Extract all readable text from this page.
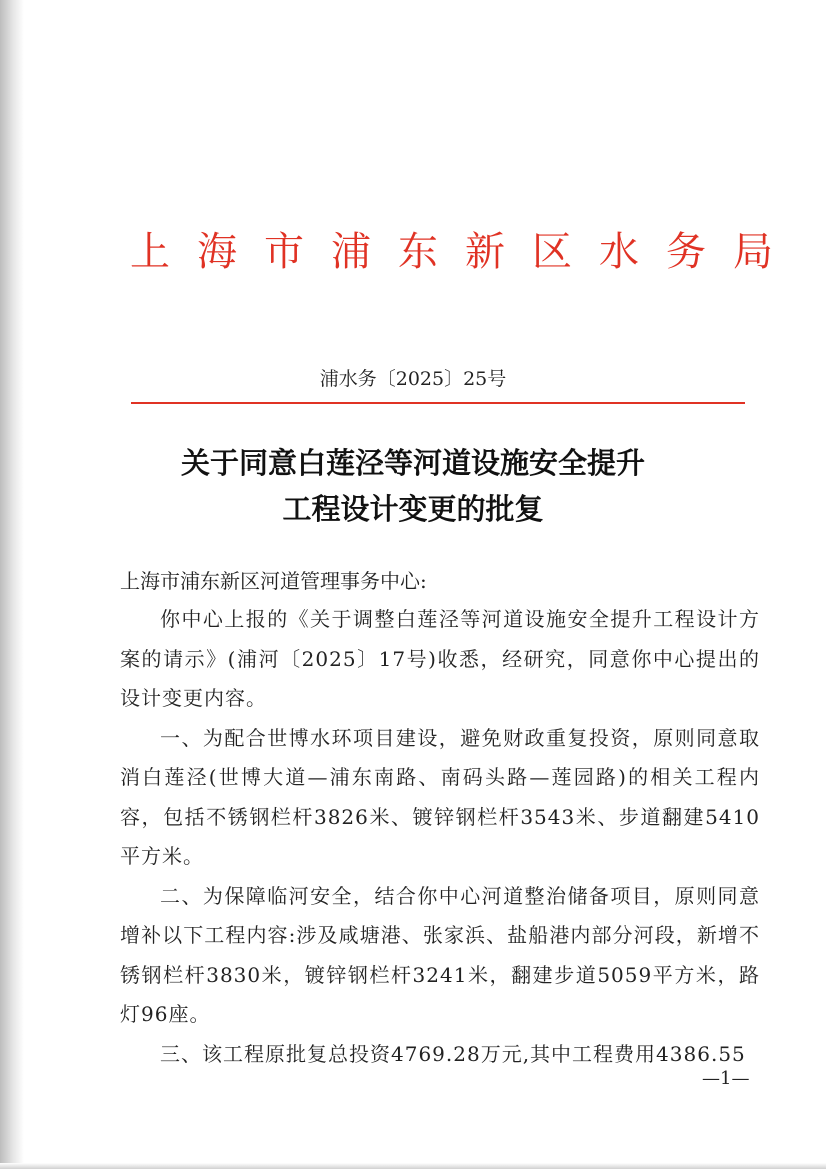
上海市浦东新区水务局
浦水务〔2025〕25号
关于同意白莲泾等河道设施安全提升
工程设计变更的批复
上海市浦东新区河道管理事务中心:

你中心上报的《关于调整白莲泾等河道设施安全提升工程设计方案的请示》(浦河〔2025〕17号)收悉，经研究，同意你中心提出的设计变更内容。

一、为配合世博水环项目建设，避免财政重复投资，原则同意取消白莲泾(世博大道—浦东南路、南码头路—莲园路)的相关工程内容，包括不锈钢栏杆3826米、镀锌钢栏杆3543米、步道翻建5410平方米。

二、为保障临河安全，结合你中心河道整治储备项目，原则同意增补以下工程内容:涉及咸塘港、张家浜、盐船港内部分河段，新增不锈钢栏杆3830米，镀锌钢栏杆3241米，翻建步道5059平方米，路灯96座。

三、该工程原批复总投资4769.28万元,其中工程费用4386.55

—1—
